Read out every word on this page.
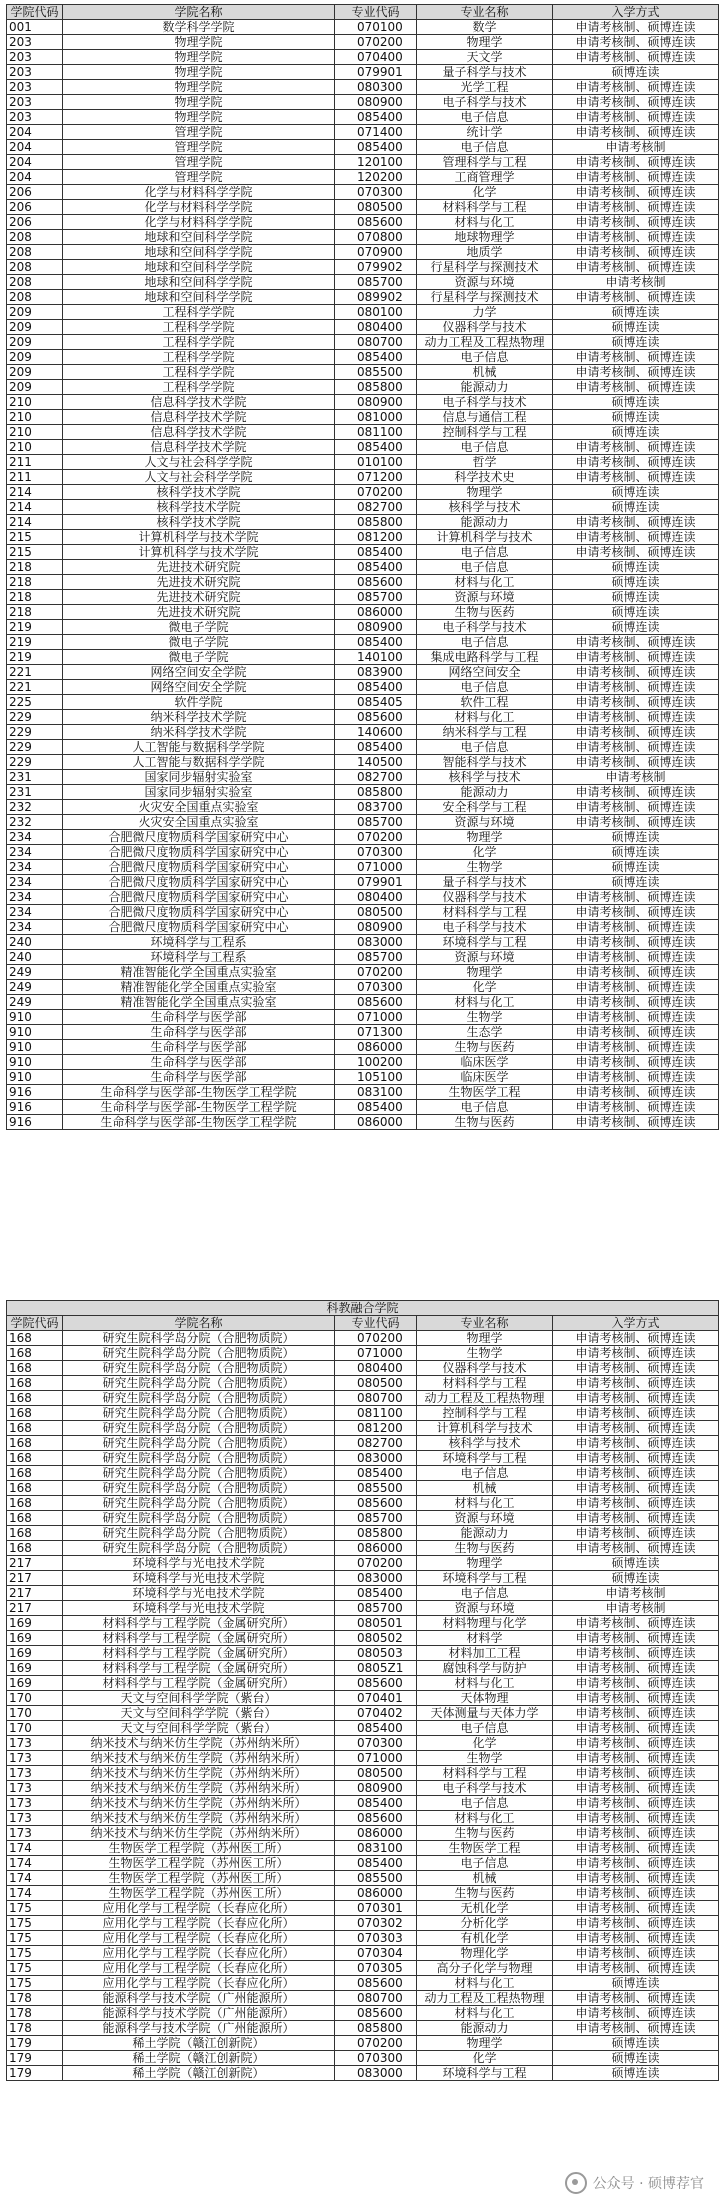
学院代码	学院名称	专业代码	专业名称	入学方式
001	数学科学学院	070100	数学	申请考核制、硕博连读
203	物理学院	070200	物理学	申请考核制、硕博连读
203	物理学院	070400	天文学	申请考核制、硕博连读
203	物理学院	079901	量子科学与技术	硕博连读
203	物理学院	080300	光学工程	申请考核制、硕博连读
203	物理学院	080900	电子科学与技术	申请考核制、硕博连读
203	物理学院	085400	电子信息	申请考核制、硕博连读
204	管理学院	071400	统计学	申请考核制、硕博连读
204	管理学院	085400	电子信息	申请考核制
204	管理学院	120100	管理科学与工程	申请考核制、硕博连读
204	管理学院	120200	工商管理学	申请考核制、硕博连读
206	化学与材料科学学院	070300	化学	申请考核制、硕博连读
206	化学与材料科学学院	080500	材料科学与工程	申请考核制、硕博连读
206	化学与材料科学学院	085600	材料与化工	申请考核制、硕博连读
208	地球和空间科学学院	070800	地球物理学	申请考核制、硕博连读
208	地球和空间科学学院	070900	地质学	申请考核制、硕博连读
208	地球和空间科学学院	079902	行星科学与探测技术	申请考核制、硕博连读
208	地球和空间科学学院	085700	资源与环境	申请考核制
208	地球和空间科学学院	089902	行星科学与探测技术	申请考核制、硕博连读
209	工程科学学院	080100	力学	硕博连读
209	工程科学学院	080400	仪器科学与技术	硕博连读
209	工程科学学院	080700	动力工程及工程热物理	硕博连读
209	工程科学学院	085400	电子信息	申请考核制、硕博连读
209	工程科学学院	085500	机械	申请考核制、硕博连读
209	工程科学学院	085800	能源动力	申请考核制、硕博连读
210	信息科学技术学院	080900	电子科学与技术	硕博连读
210	信息科学技术学院	081000	信息与通信工程	硕博连读
210	信息科学技术学院	081100	控制科学与工程	硕博连读
210	信息科学技术学院	085400	电子信息	申请考核制、硕博连读
211	人文与社会科学学院	010100	哲学	申请考核制、硕博连读
211	人文与社会科学学院	071200	科学技术史	申请考核制、硕博连读
214	核科学技术学院	070200	物理学	硕博连读
214	核科学技术学院	082700	核科学与技术	硕博连读
214	核科学技术学院	085800	能源动力	申请考核制、硕博连读
215	计算机科学与技术学院	081200	计算机科学与技术	申请考核制、硕博连读
215	计算机科学与技术学院	085400	电子信息	申请考核制、硕博连读
218	先进技术研究院	085400	电子信息	硕博连读
218	先进技术研究院	085600	材料与化工	硕博连读
218	先进技术研究院	085700	资源与环境	硕博连读
218	先进技术研究院	086000	生物与医药	硕博连读
219	微电子学院	080900	电子科学与技术	硕博连读
219	微电子学院	085400	电子信息	申请考核制、硕博连读
219	微电子学院	140100	集成电路科学与工程	申请考核制、硕博连读
221	网络空间安全学院	083900	网络空间安全	申请考核制、硕博连读
221	网络空间安全学院	085400	电子信息	申请考核制、硕博连读
225	软件学院	085405	软件工程	申请考核制、硕博连读
229	纳米科学技术学院	085600	材料与化工	申请考核制、硕博连读
229	纳米科学技术学院	140600	纳米科学与工程	申请考核制、硕博连读
229	人工智能与数据科学学院	085400	电子信息	申请考核制、硕博连读
229	人工智能与数据科学学院	140500	智能科学与技术	申请考核制、硕博连读
231	国家同步辐射实验室	082700	核科学与技术	申请考核制
231	国家同步辐射实验室	085800	能源动力	申请考核制、硕博连读
232	火灾安全国重点实验室	083700	安全科学与工程	申请考核制、硕博连读
232	火灾安全国重点实验室	085700	资源与环境	申请考核制、硕博连读
234	合肥微尺度物质科学国家研究中心	070200	物理学	硕博连读
234	合肥微尺度物质科学国家研究中心	070300	化学	硕博连读
234	合肥微尺度物质科学国家研究中心	071000	生物学	硕博连读
234	合肥微尺度物质科学国家研究中心	079901	量子科学与技术	硕博连读
234	合肥微尺度物质科学国家研究中心	080400	仪器科学与技术	申请考核制、硕博连读
234	合肥微尺度物质科学国家研究中心	080500	材料科学与工程	申请考核制、硕博连读
234	合肥微尺度物质科学国家研究中心	080900	电子科学与技术	申请考核制、硕博连读
240	环境科学与工程系	083000	环境科学与工程	申请考核制、硕博连读
240	环境科学与工程系	085700	资源与环境	申请考核制、硕博连读
249	精准智能化学全国重点实验室	070200	物理学	申请考核制、硕博连读
249	精准智能化学全国重点实验室	070300	化学	申请考核制、硕博连读
249	精准智能化学全国重点实验室	085600	材料与化工	申请考核制、硕博连读
910	生命科学与医学部	071000	生物学	申请考核制、硕博连读
910	生命科学与医学部	071300	生态学	申请考核制、硕博连读
910	生命科学与医学部	086000	生物与医药	申请考核制、硕博连读
910	生命科学与医学部	100200	临床医学	申请考核制、硕博连读
910	生命科学与医学部	105100	临床医学	申请考核制、硕博连读
916	生命科学与医学部-生物医学工程学院	083100	生物医学工程	申请考核制、硕博连读
916	生命科学与医学部-生物医学工程学院	085400	电子信息	申请考核制、硕博连读
916	生命科学与医学部-生物医学工程学院	086000	生物与医药	申请考核制、硕博连读
科教融合学院				
学院代码	学院名称	专业代码	专业名称	入学方式
168	研究生院科学岛分院（合肥物质院）	070200	物理学	申请考核制、硕博连读
168	研究生院科学岛分院（合肥物质院）	071000	生物学	申请考核制、硕博连读
168	研究生院科学岛分院（合肥物质院）	080400	仪器科学与技术	申请考核制、硕博连读
168	研究生院科学岛分院（合肥物质院）	080500	材料科学与工程	申请考核制、硕博连读
168	研究生院科学岛分院（合肥物质院）	080700	动力工程及工程热物理	申请考核制、硕博连读
168	研究生院科学岛分院（合肥物质院）	081100	控制科学与工程	申请考核制、硕博连读
168	研究生院科学岛分院（合肥物质院）	081200	计算机科学与技术	申请考核制、硕博连读
168	研究生院科学岛分院（合肥物质院）	082700	核科学与技术	申请考核制、硕博连读
168	研究生院科学岛分院（合肥物质院）	083000	环境科学与工程	申请考核制、硕博连读
168	研究生院科学岛分院（合肥物质院）	085400	电子信息	申请考核制、硕博连读
168	研究生院科学岛分院（合肥物质院）	085500	机械	申请考核制、硕博连读
168	研究生院科学岛分院（合肥物质院）	085600	材料与化工	申请考核制、硕博连读
168	研究生院科学岛分院（合肥物质院）	085700	资源与环境	申请考核制、硕博连读
168	研究生院科学岛分院（合肥物质院）	085800	能源动力	申请考核制、硕博连读
168	研究生院科学岛分院（合肥物质院）	086000	生物与医药	申请考核制、硕博连读
217	环境科学与光电技术学院	070200	物理学	硕博连读
217	环境科学与光电技术学院	083000	环境科学与工程	硕博连读
217	环境科学与光电技术学院	085400	电子信息	申请考核制
217	环境科学与光电技术学院	085700	资源与环境	申请考核制
169	材料科学与工程学院（金属研究所）	080501	材料物理与化学	申请考核制、硕博连读
169	材料科学与工程学院（金属研究所）	080502	材料学	申请考核制、硕博连读
169	材料科学与工程学院（金属研究所）	080503	材料加工工程	申请考核制、硕博连读
169	材料科学与工程学院（金属研究所）	0805Z1	腐蚀科学与防护	申请考核制、硕博连读
169	材料科学与工程学院（金属研究所）	085600	材料与化工	申请考核制、硕博连读
170	天文与空间科学学院（紫台）	070401	天体物理	申请考核制、硕博连读
170	天文与空间科学学院（紫台）	070402	天体测量与天体力学	申请考核制、硕博连读
170	天文与空间科学学院（紫台）	085400	电子信息	申请考核制、硕博连读
173	纳米技术与纳米仿生学院（苏州纳米所）	070300	化学	申请考核制、硕博连读
173	纳米技术与纳米仿生学院（苏州纳米所）	071000	生物学	申请考核制、硕博连读
173	纳米技术与纳米仿生学院（苏州纳米所）	080500	材料科学与工程	申请考核制、硕博连读
173	纳米技术与纳米仿生学院（苏州纳米所）	080900	电子科学与技术	申请考核制、硕博连读
173	纳米技术与纳米仿生学院（苏州纳米所）	085400	电子信息	申请考核制、硕博连读
173	纳米技术与纳米仿生学院（苏州纳米所）	085600	材料与化工	申请考核制、硕博连读
173	纳米技术与纳米仿生学院（苏州纳米所）	086000	生物与医药	申请考核制、硕博连读
174	生物医学工程学院（苏州医工所）	083100	生物医学工程	申请考核制、硕博连读
174	生物医学工程学院（苏州医工所）	085400	电子信息	申请考核制、硕博连读
174	生物医学工程学院（苏州医工所）	085500	机械	申请考核制、硕博连读
174	生物医学工程学院（苏州医工所）	086000	生物与医药	申请考核制、硕博连读
175	应用化学与工程学院（长春应化所）	070301	无机化学	申请考核制、硕博连读
175	应用化学与工程学院（长春应化所）	070302	分析化学	申请考核制、硕博连读
175	应用化学与工程学院（长春应化所）	070303	有机化学	申请考核制、硕博连读
175	应用化学与工程学院（长春应化所）	070304	物理化学	申请考核制、硕博连读
175	应用化学与工程学院（长春应化所）	070305	高分子化学与物理	申请考核制、硕博连读
175	应用化学与工程学院（长春应化所）	085600	材料与化工	硕博连读
178	能源科学与技术学院（广州能源所）	080700	动力工程及工程热物理	申请考核制、硕博连读
178	能源科学与技术学院（广州能源所）	085600	材料与化工	申请考核制、硕博连读
178	能源科学与技术学院（广州能源所）	085800	能源动力	申请考核制、硕博连读
179	稀土学院（赣江创新院）	070200	物理学	硕博连读
179	稀土学院（赣江创新院）	070300	化学	硕博连读
179	稀土学院（赣江创新院）	083000	环境科学与工程	硕博连读
公众号 · 硕博荐官
